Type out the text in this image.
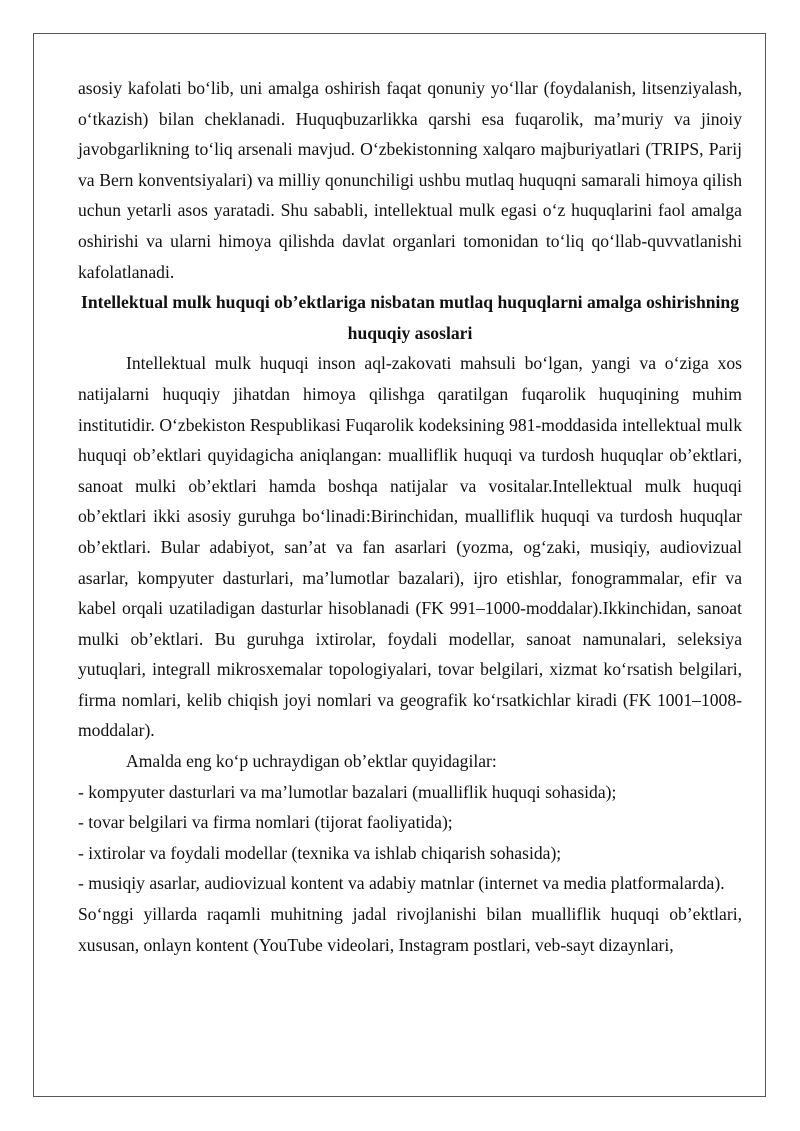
asosiy kafolati bo‘lib, uni amalga oshirish faqat qonuniy yo‘llar (foydalanish, litsenziyalash, o‘tkazish) bilan cheklanadi. Huquqbuzarlikka qarshi esa fuqarolik, ma’muriy va jinoiy javobgarlikning to‘liq arsenali mavjud. O‘zbekistonning xalqaro majburiyatlari (TRIPS, Parij va Bern konventsiyalari) va milliy qonunchiligi ushbu mutlaq huquqni samarali himoya qilish uchun yetarli asos yaratadi. Shu sababli, intellektual mulk egasi o‘z huquqlarini faol amalga oshirishi va ularni himoya qilishda davlat organlari tomonidan to‘liq qo‘llab-quvvatlanishi kafolatlanadi.

Intellektual mulk huquqi ob’ektlariga nisbatan mutlaq huquqlarni amalga oshirishning huquqiy asoslari

Intellektual mulk huquqi inson aql-zakovati mahsuli bo‘lgan, yangi va o‘ziga xos natijalarni huquqiy jihatdan himoya qilishga qaratilgan fuqarolik huquqining muhim institutidir. O‘zbekiston Respublikasi Fuqarolik kodeksining 981-moddasida intellektual mulk huquqi ob’ektlari quyidagicha aniqlangan: mualliflik huquqi va turdosh huquqlar ob’ektlari, sanoat mulki ob’ektlari hamda boshqa natijalar va vositalar.Intellektual mulk huquqi ob’ektlari ikki asosiy guruhga bo‘linadi:Birinchidan, mualliflik huquqi va turdosh huquqlar ob’ektlari. Bular adabiyot, san’at va fan asarlari (yozma, og‘zaki, musiqiy, audiovizual asarlar, kompyuter dasturlari, ma’lumotlar bazalari), ijro etishlar, fonogrammalar, efir va kabel orqali uzatiladigan dasturlar hisoblanadi (FK 991–1000-moddalar).Ikkinchidan, sanoat mulki ob’ektlari. Bu guruhga ixtirolar, foydali modellar, sanoat namunalari, seleksiya yutuqlari, integrall mikrosxemalar topologiyalari, tovar belgilari, xizmat ko‘rsatish belgilari, firma nomlari, kelib chiqish joyi nomlari va geografik ko‘rsatkichlar kiradi (FK 1001–1008-moddalar).

Amalda eng ko‘p uchraydigan ob’ektlar quyidagilar:

- kompyuter dasturlari va ma’lumotlar bazalari (mualliflik huquqi sohasida);

- tovar belgilari va firma nomlari (tijorat faoliyatida);

- ixtirolar va foydali modellar (texnika va ishlab chiqarish sohasida);

- musiqiy asarlar, audiovizual kontent va adabiy matnlar (internet va media platformalarda).

So‘nggi yillarda raqamli muhitning jadal rivojlanishi bilan mualliflik huquqi ob’ektlari, xususan, onlayn kontent (YouTube videolari, Instagram postlari, veb-sayt dizaynlari,
